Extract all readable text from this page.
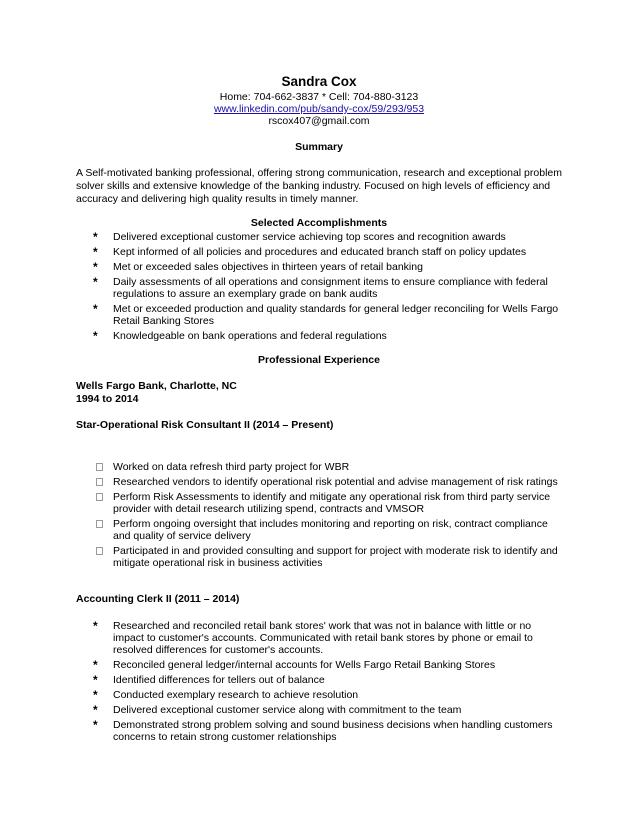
Sandra Cox
Home: 704-662-3837 * Cell: 704-880-3123
www.linkedin.com/pub/sandy-cox/59/293/953
rscox407@gmail.com
Summary
A Self-motivated banking professional, offering strong communication, research and exceptional problem solver skills and extensive knowledge of the banking industry. Focused on high levels of efficiency and accuracy and delivering high quality results in timely manner.
Selected Accomplishments
*	Delivered exceptional customer service achieving top scores and recognition awards
*	Kept informed of all policies and procedures and educated branch staff on policy updates
*	Met or exceeded sales objectives in thirteen years of retail banking
*	Daily assessments of all operations and consignment items to ensure compliance with federal regulations to assure an exemplary grade on bank audits
*	Met or exceeded production and quality standards for general ledger reconciling for Wells Fargo Retail Banking Stores
*	Knowledgeable on bank operations and federal regulations
Professional Experience
Wells Fargo Bank, Charlotte, NC
1994 to 2014
Star-Operational Risk Consultant II (2014 – Present)
Worked on data refresh third party project for WBR
Researched vendors to identify operational risk potential and advise management of risk ratings
Perform Risk Assessments to identify and mitigate any operational risk from third party service provider with detail research utilizing spend, contracts and VMSOR
Perform ongoing oversight that includes monitoring and reporting on risk, contract compliance and quality of service delivery
Participated in and provided consulting and support for project with moderate risk to identify and mitigate operational risk in business activities
Accounting Clerk II (2011 – 2014)
*	Researched and reconciled retail bank stores' work that was not in balance with little or no impact to customer's accounts. Communicated with retail bank stores by phone or email to resolved differences for customer's accounts.
*	Reconciled general ledger/internal accounts for Wells Fargo Retail Banking Stores
*	Identified differences for tellers out of balance
*	Conducted exemplary research to achieve resolution
*	Delivered exceptional customer service along with commitment to the team
*	Demonstrated strong problem solving and sound business decisions when handling customers concerns to retain strong customer relationships
